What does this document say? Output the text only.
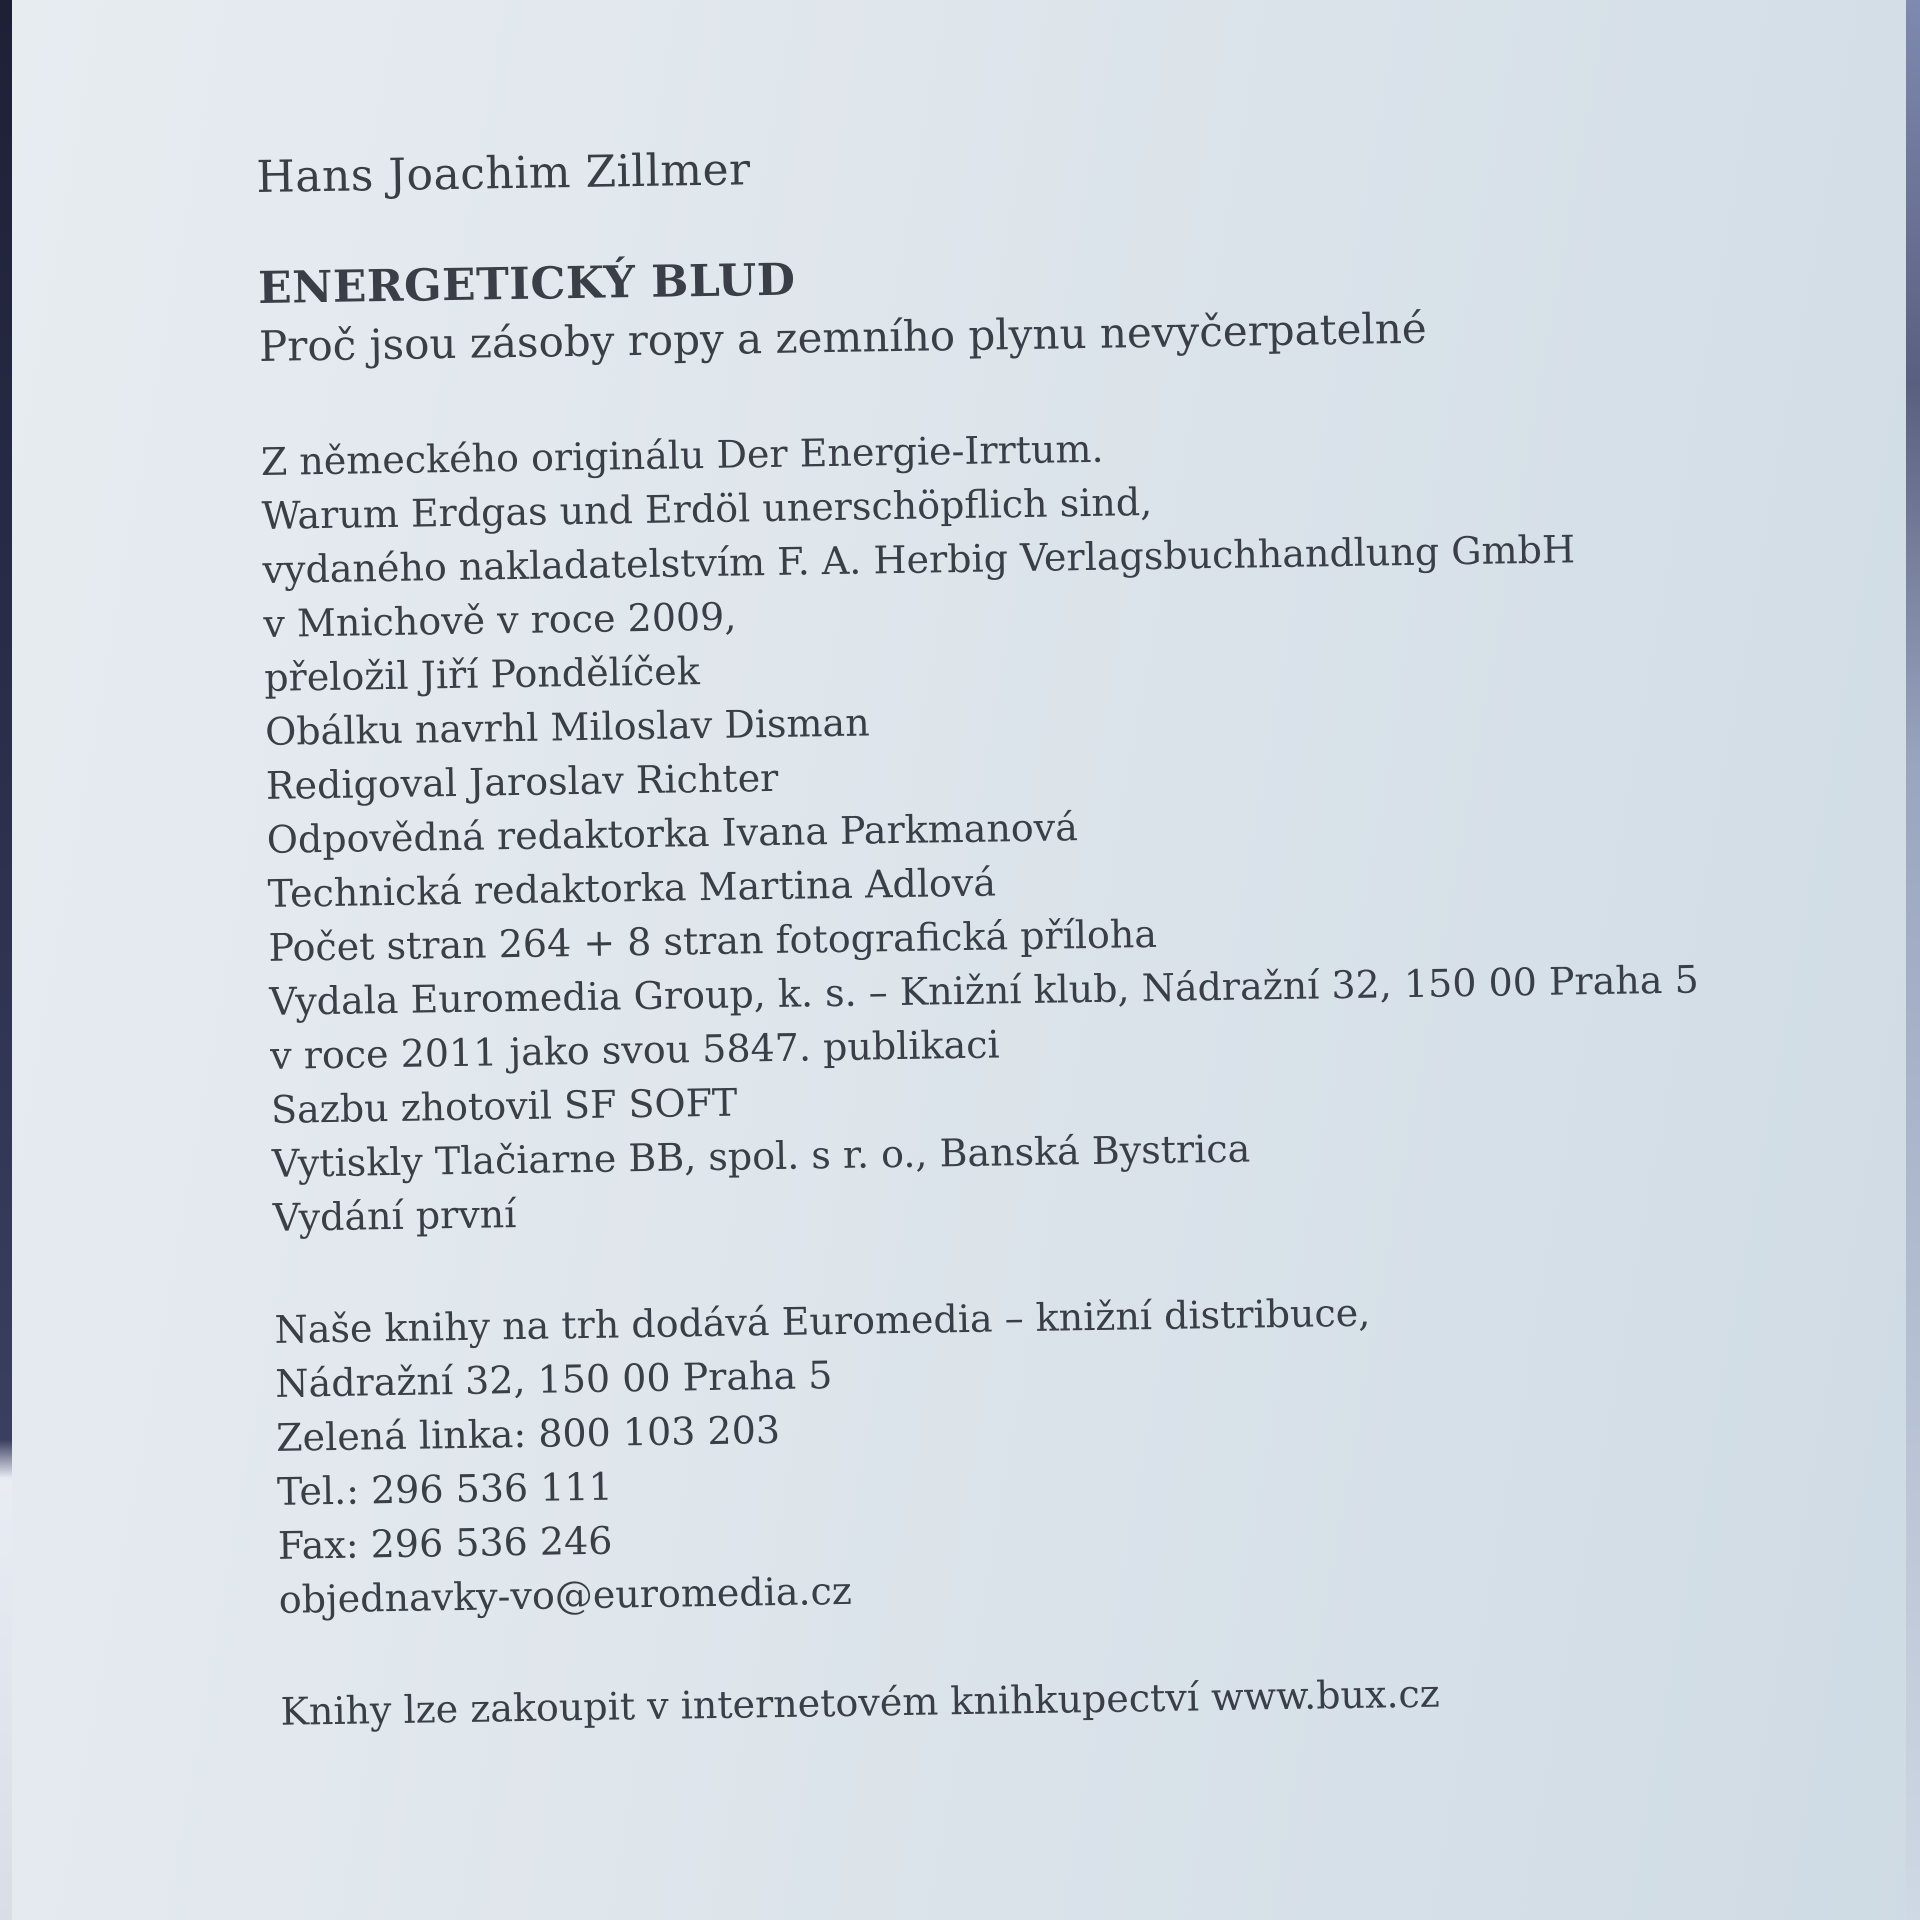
Hans Joachim Zillmer

ENERGETICKÝ BLUD

Proč jsou zásoby ropy a zemního plynu nevyčerpatelné

Z německého originálu Der Energie-Irrtum.

Warum Erdgas und Erdöl unerschöpflich sind,

vydaného nakladatelstvím F. A. Herbig Verlagsbuchhandlung GmbH

v Mnichově v roce 2009,

přeložil Jiří Pondělíček

Obálku navrhl Miloslav Disman

Redigoval Jaroslav Richter

Odpovědná redaktorka Ivana Parkmanová

Technická redaktorka Martina Adlová

Počet stran 264 + 8 stran fotografická příloha

Vydala Euromedia Group, k. s. – Knižní klub, Nádražní 32, 150 00 Praha 5

v roce 2011 jako svou 5847. publikaci

Sazbu zhotovil SF SOFT

Vytiskly Tlačiarne BB, spol. s r. o., Banská Bystrica

Vydání první

Naše knihy na trh dodává Euromedia – knižní distribuce,

Nádražní 32, 150 00 Praha 5

Zelená linka: 800 103 203

Tel.: 296 536 111

Fax: 296 536 246

objednavky-vo@euromedia.cz

Knihy lze zakoupit v internetovém knihkupectví www.bux.cz
